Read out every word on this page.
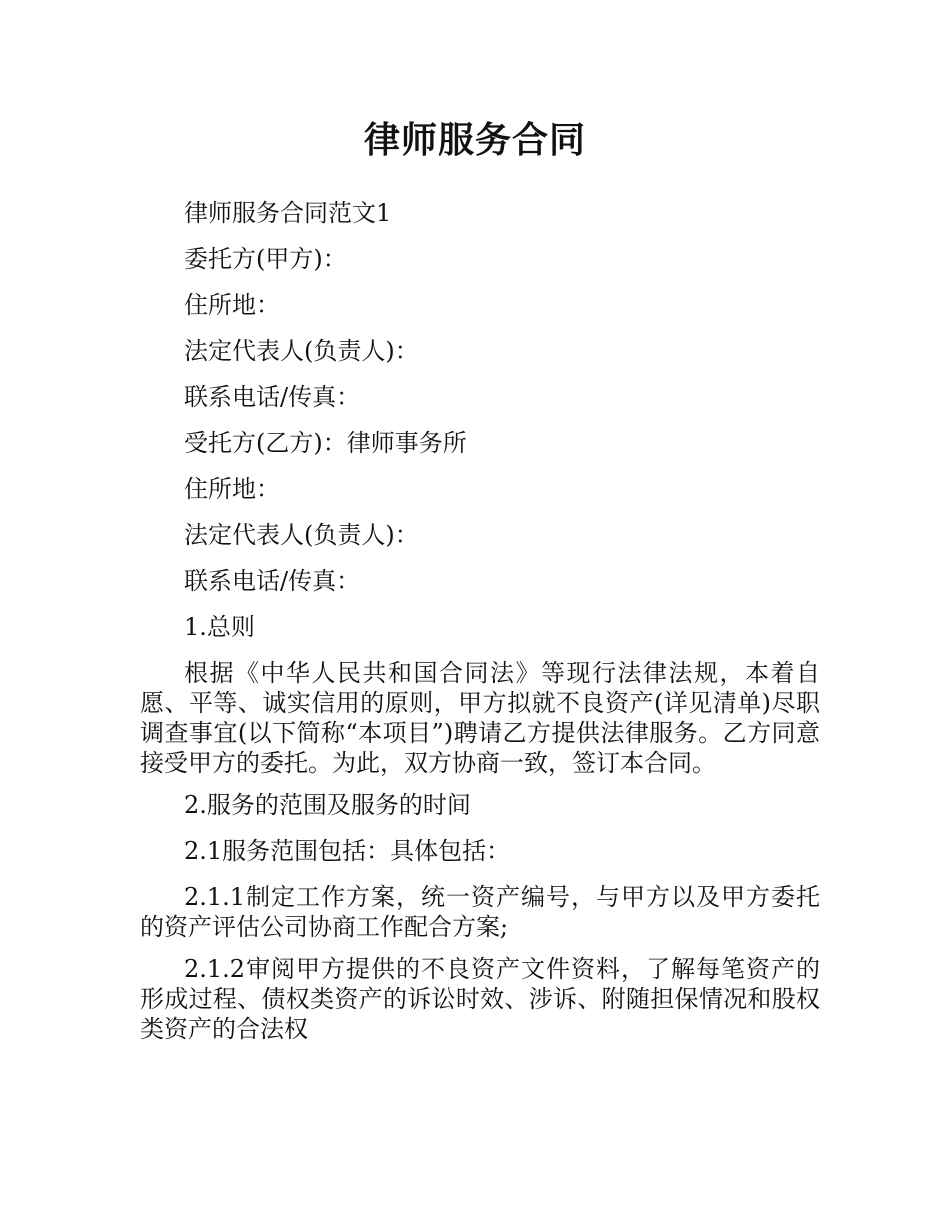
律师服务合同

律师服务合同范文1

委托方(甲方)：

住所地：

法定代表人(负责人)：

联系电话/传真：

受托方(乙方)：律师事务所

住所地：

法定代表人(负责人)：

联系电话/传真：

1.总则

根据《中华人民共和国合同法》等现行法律法规，本着自愿、平等、诚实信用的原则，甲方拟就不良资产(详见清单)尽职调查事宜(以下简称“本项目”)聘请乙方提供法律服务。乙方同意接受甲方的委托。为此，双方协商一致，签订本合同。

2.服务的范围及服务的时间

2.1服务范围包括：具体包括：

2.1.1制定工作方案，统一资产编号，与甲方以及甲方委托的资产评估公司协商工作配合方案;

2.1.2审阅甲方提供的不良资产文件资料，了解每笔资产的形成过程、债权类资产的诉讼时效、涉诉、附随担保情况和股权类资产的合法权
